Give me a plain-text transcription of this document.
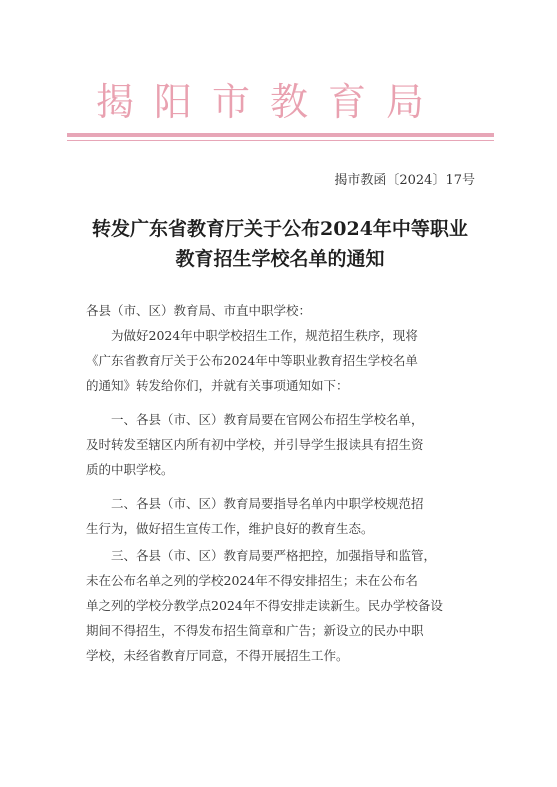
揭阳市教育局
揭市教函〔2024〕17号
转发广东省教育厅关于公布2024年中等职业
教育招生学校名单的通知
各县（市、区）教育局、市直中职学校：
为做好2024年中职学校招生工作，规范招生秩序，现将
《广东省教育厅关于公布2024年中等职业教育招生学校名单
的通知》转发给你们，并就有关事项通知如下：
一、各县（市、区）教育局要在官网公布招生学校名单，
及时转发至辖区内所有初中学校，并引导学生报读具有招生资
质的中职学校。
二、各县（市、区）教育局要指导名单内中职学校规范招
生行为，做好招生宣传工作，维护良好的教育生态。
三、各县（市、区）教育局要严格把控，加强指导和监管，
未在公布名单之列的学校2024年不得安排招生；未在公布名
单之列的学校分教学点2024年不得安排走读新生。民办学校备设
期间不得招生，不得发布招生简章和广告；新设立的民办中职
学校，未经省教育厅同意，不得开展招生工作。
